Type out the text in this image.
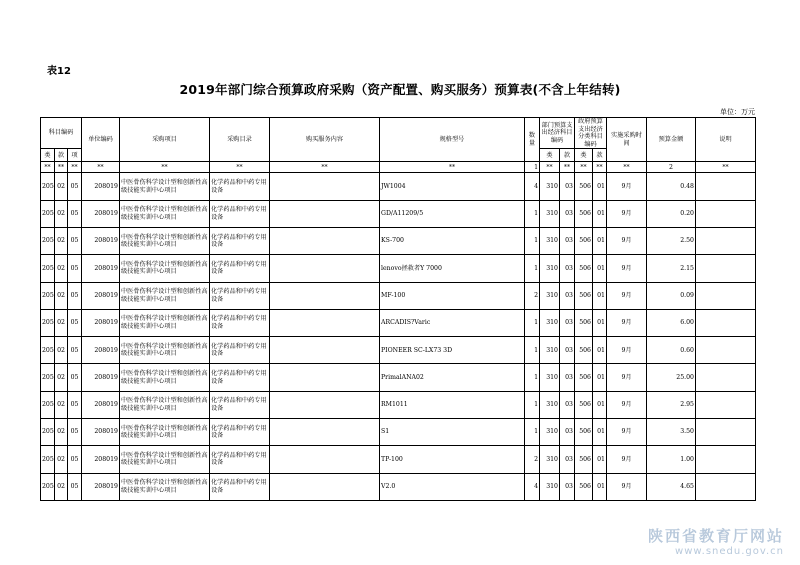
表12
2019年部门综合预算政府采购（资产配置、购买服务）预算表(不含上年结转)
单位：万元
科目编码			单位编码	采购项目	采购目录	购买服务内容	规格型号	数量	部门预算支出经济科目编码		政府预算支出经济分类科目编码		实施采购时间	预算金额	说明
类	款	项							类	款	类	款			
**	**	**	**	**	**	**	**	1	**	**	**	**	**	2	**
205	02	05	208019	中医骨伤科学设计型和创新性高级技能实训中心项目	化学药品和中药专用设备		JW1004	4	310	03	506	01	9月	0.48	
205	02	05	208019	中医骨伤科学设计型和创新性高级技能实训中心项目	化学药品和中药专用设备		GD/A11209/5	1	310	03	506	01	9月	0.20	
205	02	05	208019	中医骨伤科学设计型和创新性高级技能实训中心项目	化学药品和中药专用设备		KS-700	1	310	03	506	01	9月	2.50	
205	02	05	208019	中医骨伤科学设计型和创新性高级技能实训中心项目	化学药品和中药专用设备		lenovo拯救者Y 7000	1	310	03	506	01	9月	2.15	
205	02	05	208019	中医骨伤科学设计型和创新性高级技能实训中心项目	化学药品和中药专用设备		MF-100	2	310	03	506	01	9月	0.09	
205	02	05	208019	中医骨伤科学设计型和创新性高级技能实训中心项目	化学药品和中药专用设备		ARCADIS?Varic	1	310	03	506	01	9月	6.00	
205	02	05	208019	中医骨伤科学设计型和创新性高级技能实训中心项目	化学药品和中药专用设备		PIONEER SC-LX73 3D	1	310	03	506	01	9月	0.60	
205	02	05	208019	中医骨伤科学设计型和创新性高级技能实训中心项目	化学药品和中药专用设备		PrimalANA02	1	310	03	506	01	9月	25.00	
205	02	05	208019	中医骨伤科学设计型和创新性高级技能实训中心项目	化学药品和中药专用设备		RM1011	1	310	03	506	01	9月	2.95	
205	02	05	208019	中医骨伤科学设计型和创新性高级技能实训中心项目	化学药品和中药专用设备		S1	1	310	03	506	01	9月	3.50	
205	02	05	208019	中医骨伤科学设计型和创新性高级技能实训中心项目	化学药品和中药专用设备		TP-100	2	310	03	506	01	9月	1.00	
205	02	05	208019	中医骨伤科学设计型和创新性高级技能实训中心项目	化学药品和中药专用设备		V2.0	4	310	03	506	01	9月	4.65	
陕西省教育厅网站
www.snedu.gov.cn
